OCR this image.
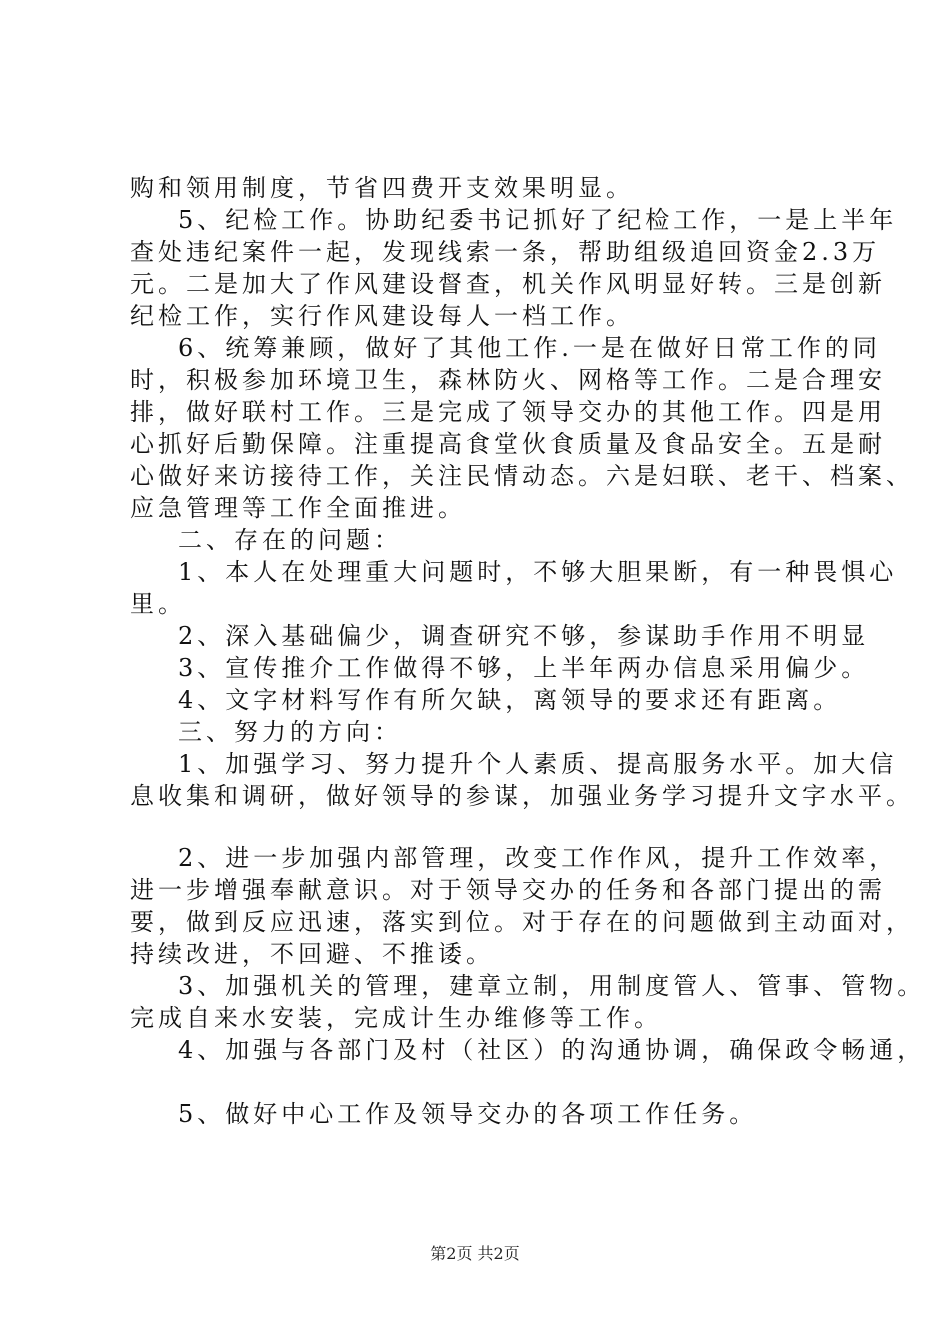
购和领用制度，节省四费开支效果明显。
5、纪检工作。协助纪委书记抓好了纪检工作，一是上半年
查处违纪案件一起，发现线索一条，帮助组级追回资金2.3万
元。二是加大了作风建设督查，机关作风明显好转。三是创新
纪检工作，实行作风建设每人一档工作。
6、统筹兼顾，做好了其他工作.一是在做好日常工作的同
时，积极参加环境卫生，森林防火、网格等工作。二是合理安
排，做好联村工作。三是完成了领导交办的其他工作。四是用
心抓好后勤保障。注重提高食堂伙食质量及食品安全。五是耐
心做好来访接待工作，关注民情动态。六是妇联、老干、档案、
应急管理等工作全面推进。
二、存在的问题：
1、本人在处理重大问题时，不够大胆果断，有一种畏惧心
里。
2、深入基础偏少，调查研究不够，参谋助手作用不明显
3、宣传推介工作做得不够，上半年两办信息采用偏少。
4、文字材料写作有所欠缺，离领导的要求还有距离。
三、努力的方向：
1、加强学习、努力提升个人素质、提高服务水平。加大信
息收集和调研，做好领导的参谋，加强业务学习提升文字水平。
2、进一步加强内部管理，改变工作作风，提升工作效率，
进一步增强奉献意识。对于领导交办的任务和各部门提出的需
要，做到反应迅速，落实到位。对于存在的问题做到主动面对，
持续改进，不回避、不推诿。
3、加强机关的管理，建章立制，用制度管人、管事、管物。
完成自来水安装，完成计生办维修等工作。
4、加强与各部门及村（社区）的沟通协调，确保政令畅通，
5、做好中心工作及领导交办的各项工作任务。
第2页 共2页
